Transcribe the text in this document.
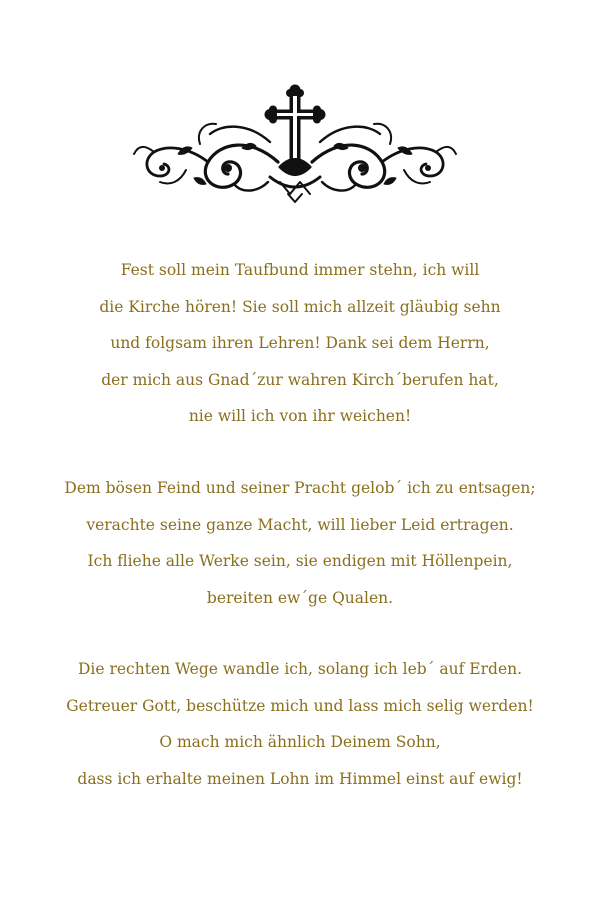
Fest soll mein Taufbund immer stehn, ich will
die Kirche hören! Sie soll mich allzeit gläubig sehn
und folgsam ihren Lehren! Dank sei dem Herrn,
der mich aus Gnad´zur wahren Kirch´berufen hat,
nie will ich von ihr weichen!
Dem bösen Feind und seiner Pracht gelob´ ich zu entsagen;
verachte seine ganze Macht, will lieber Leid ertragen.
Ich fliehe alle Werke sein, sie endigen mit Höllenpein,
bereiten ew´ge Qualen.
Die rechten Wege wandle ich, solang ich leb´ auf Erden.
Getreuer Gott, beschütze mich und lass mich selig werden!
O mach mich ähnlich Deinem Sohn,
dass ich erhalte meinen Lohn im Himmel einst auf ewig!
